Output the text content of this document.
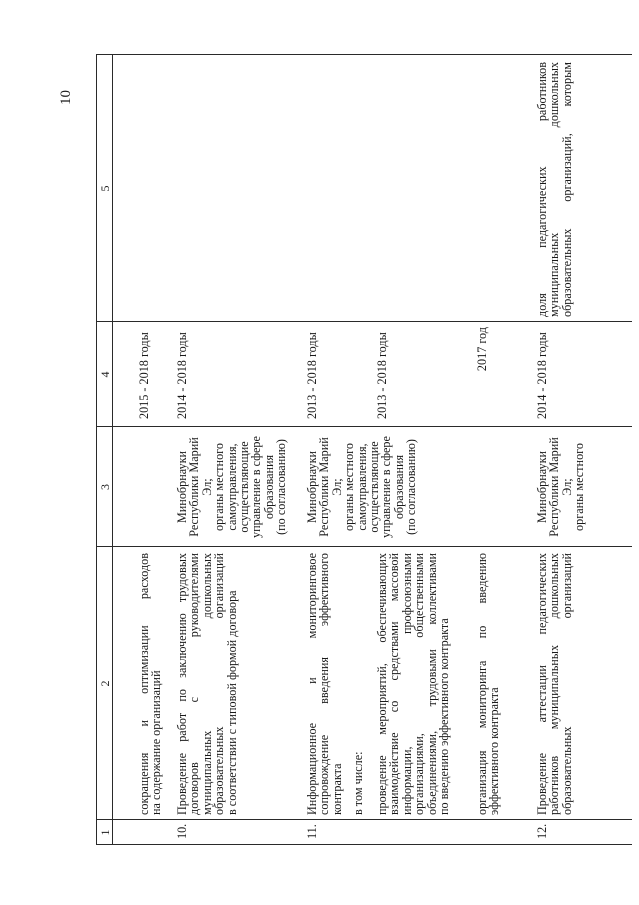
10
1
2
3
4
5
сокращения и оптимизации расходов
на содержание организаций
2015 - 2018 годы
10.
Проведение работ по заключению трудовых
договоров с руководителями
муниципальных дошкольных
образовательных организаций
в соответствии с типовой формой договора
Минобрнауки
Республики Марий Эл;
органы местного
самоуправления,
осуществляющие
управление в сфере
образования
(по согласованию)
2014 - 2018 годы
11.
Информационное и мониторинговое
сопровождение введения эффективного
контракта в том числе: проведение мероприятий, обеспечивающих
взаимодействие со средствами массовой
информации, профсоюзными
организациями, общественными
объединениями, трудовыми коллективами
по введению эффективного контракта организация мониторинга по введению
эффективного контракта
Минобрнауки
Республики Марий Эл;
органы местного
самоуправления,
осуществляющие
управление в сфере
образования
(по согласованию)
2013 - 2018 годы	2013 - 2018 годы	2017 год
12.
Проведение аттестации педагогических
работников муниципальных дошкольных
образовательных организаций
Минобрнауки
Республики Марий Эл;
органы местного
2014 - 2018 годы
доля педагогических работников
муниципальных дошкольных
образовательных организаций, которым
